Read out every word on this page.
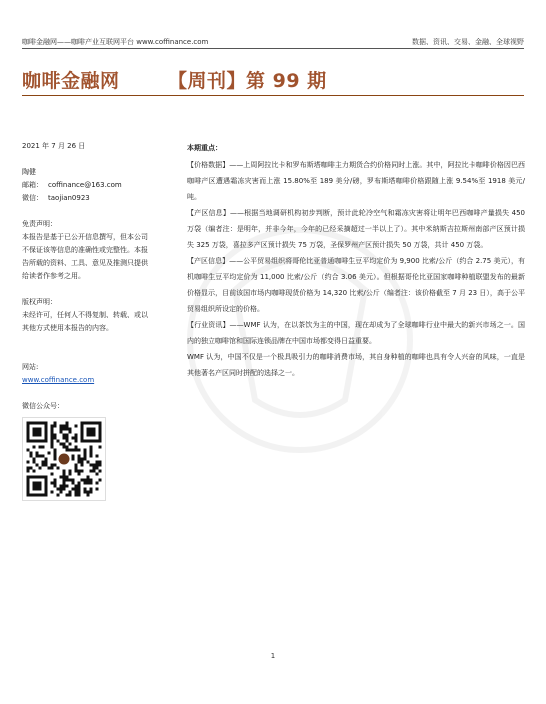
咖啡金融网——咖啡产业互联网平台 www.coffinance.com	数据、资讯、交易、金融、全球视野
咖啡金融网	【周刊】第 99 期
2021 年 7 月 26 日
陶健
邮箱： coffinance@163.com
微信： taojian0923
免责声明：
本报告是基于已公开信息撰写，但本公司不保证该等信息的准确性或完整性。本报告所载的资料、工具、意见及推测只提供给读者作参考之用。
版权声明：
未经许可，任何人不得复制、转载、或以其他方式使用本报告的内容。
网站:
www.coffinance.com
微信公众号：
本期重点：

【价格数据】——上周阿拉比卡和罗布斯塔咖啡主力期货合约价格同时上涨。其中，阿拉比卡咖啡价格因巴西咖啡产区遭遇霜冻灾害而上涨 15.80%至 189 美分/磅，罗布斯塔咖啡价格跟随上涨 9.54%至 1918 美元/吨。

【产区信息】——根据当地调研机构初步判断，预计此轮冷空气和霜冻灾害将让明年巴西咖啡产量损失 450 万袋（编者注：是明年，并非今年，今年的已经采摘超过一半以上了）。其中米纳斯吉拉斯州南部产区预计损失 325 万袋，喜拉多产区预计损失 75 万袋，圣保罗州产区预计损失 50 万袋，共计 450 万袋。

【产区信息】——公平贸易组织将哥伦比亚普通咖啡生豆平均定价为 9,900 比索/公斤（约合 2.75 美元），有机咖啡生豆平均定价为 11,000 比索/公斤（约合 3.06 美元）。但根据哥伦比亚国家咖啡种植联盟发布的最新价格显示，目前该国市场内咖啡现货价格为 14,320 比索/公斤（编者注：该价格截至 7 月 23 日），高于公平贸易组织所设定的价格。

【行业资讯】——WMF 认为，在以茶饮为主的中国，现在却成为了全球咖啡行业中最大的新兴市场之一。国内的独立咖啡馆和国际连锁品牌在中国市场都变得日益重要。

WMF 认为，中国不仅是一个极具吸引力的咖啡消费市场，其自身种植的咖啡也具有令人兴奋的风味，一直是其他著名产区同时拼配的选择之一。

1
